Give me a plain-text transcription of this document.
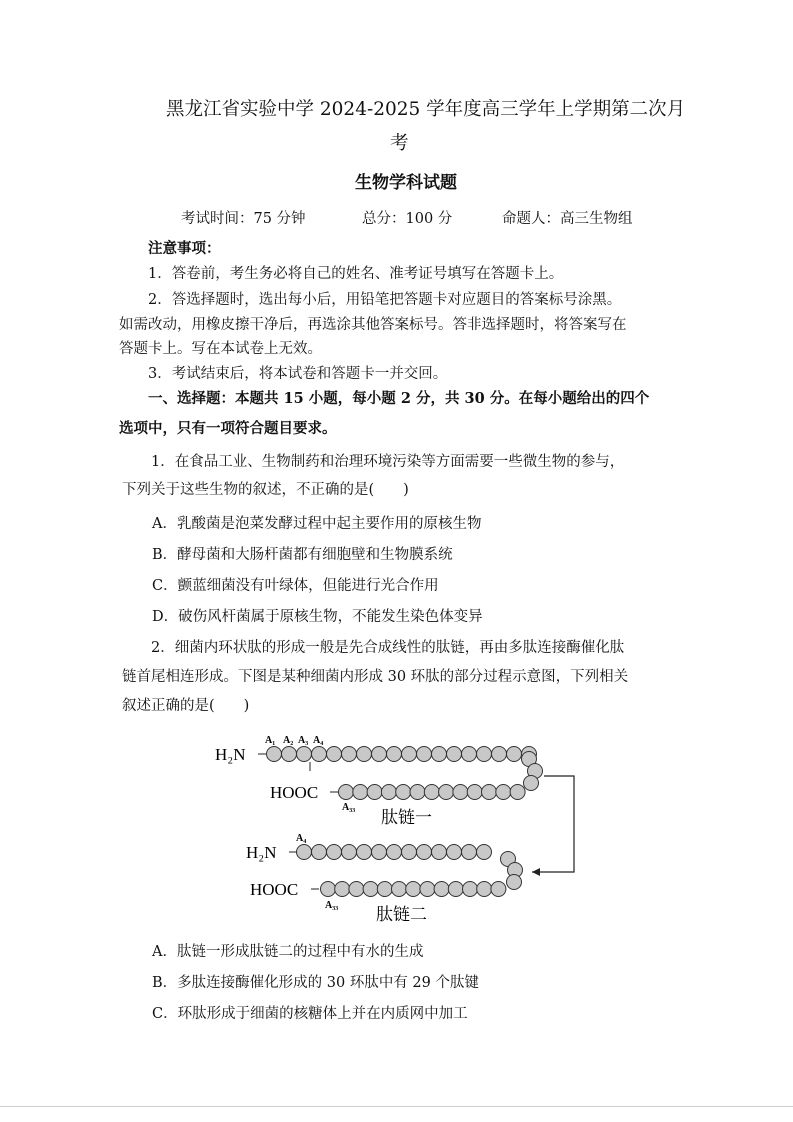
黑龙江省实验中学 2024-2025 学年度高三学年上学期第二次月
考
生物学科试题
考试时间：75 分钟	总分：100 分	命题人：高三生物组
注意事项：
1．答卷前，考生务必将自己的姓名、准考证号填写在答题卡上。
2．答选择题时，选出每小后，用铅笔把答题卡对应题目的答案标号涂黑。
如需改动，用橡皮擦干净后，再选涂其他答案标号。答非选择题时，将答案写在
答题卡上。写在本试卷上无效。
3．考试结束后，将本试卷和答题卡一并交回。
一、选择题：本题共 15 小题，每小题 2 分，共 30 分。在每小题给出的四个
选项中，只有一项符合题目要求。
1．在食品工业、生物制药和治理环境污染等方面需要一些微生物的参与，
下列关于这些生物的叙述，不正确的是(　　)
A．乳酸菌是泡菜发酵过程中起主要作用的原核生物
B．酵母菌和大肠杆菌都有细胞壁和生物膜系统
C．颤蓝细菌没有叶绿体，但能进行光合作用
D．破伤风杆菌属于原核生物，不能发生染色体变异
2．细菌内环状肽的形成一般是先合成线性的肽链，再由多肽连接酶催化肽
链首尾相连形成。下图是某种细菌内形成 30 环肽的部分过程示意图，下列相关
叙述正确的是(　　)
H₂N
A₁ A₂ A₃ A₄
HOOC
A₃₃
肽链一
A₄
H₂N
HOOC
A₃₃ 肽链二
A．肽链一形成肽链二的过程中有水的生成
B．多肽连接酶催化形成的 30 环肽中有 29 个肽键
C．环肽形成于细菌的核糖体上并在内质网中加工
